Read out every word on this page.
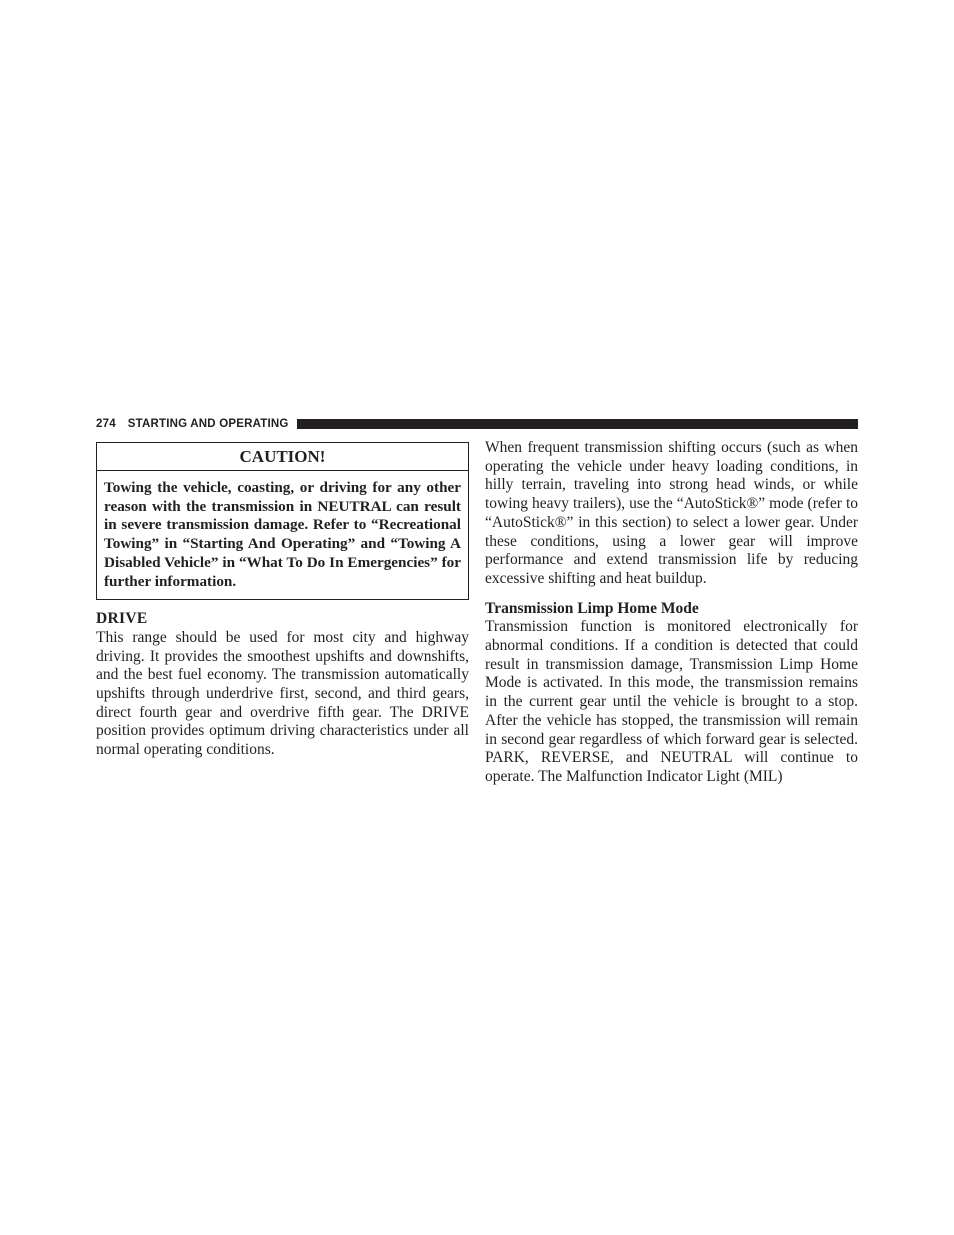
274 STARTING AND OPERATING
CAUTION!
Towing the vehicle, coasting, or driving for any other reason with the transmission in NEUTRAL can result in severe transmission damage. Refer to “Recreational Towing” in “Starting And Operating” and “Towing A Disabled Vehicle” in “What To Do In Emergencies” for further information.
DRIVE

This range should be used for most city and highway driving. It provides the smoothest upshifts and downshifts, and the best fuel economy. The transmission automatically upshifts through underdrive first, second, and third gears, direct fourth gear and overdrive fifth gear. The DRIVE position provides optimum driving characteristics under all normal operating conditions.

When frequent transmission shifting occurs (such as when operating the vehicle under heavy loading conditions, in hilly terrain, traveling into strong head winds, or while towing heavy trailers), use the “AutoStick®” mode (refer to “AutoStick®” in this section) to select a lower gear. Under these conditions, using a lower gear will improve performance and extend transmission life by reducing excessive shifting and heat buildup.

Transmission Limp Home Mode

Transmission function is monitored electronically for abnormal conditions. If a condition is detected that could result in transmission damage, Transmission Limp Home Mode is activated. In this mode, the transmission remains in the current gear until the vehicle is brought to a stop. After the vehicle has stopped, the transmission will remain in second gear regardless of which forward gear is selected. PARK, REVERSE, and NEUTRAL will continue to operate. The Malfunction Indicator Light (MIL)
